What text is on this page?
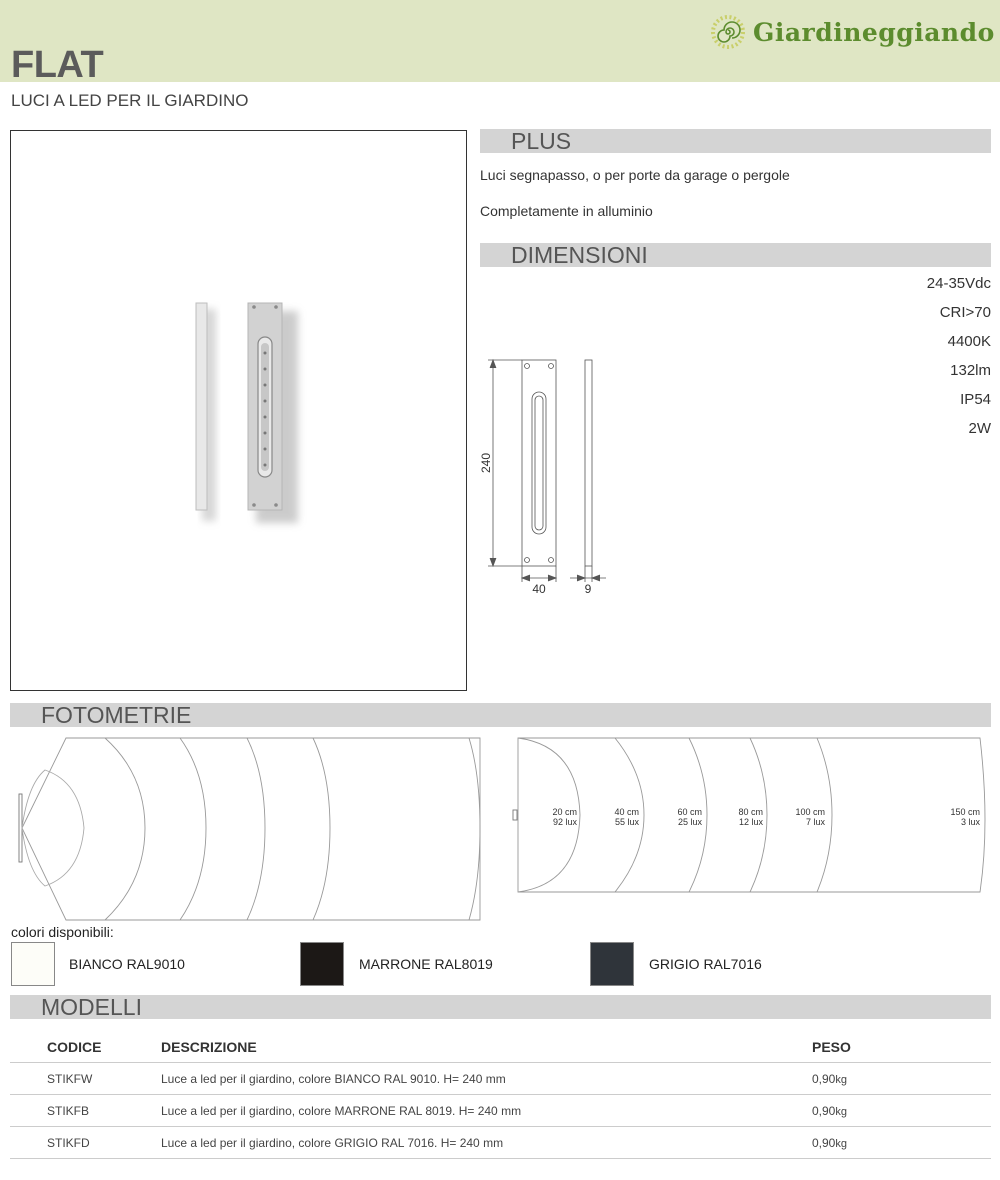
Giardineggiando
FLAT
LUCI A LED PER IL GIARDINO
PLUS
Luci segnapasso, o per porte da garage o pergole
Completamente in alluminio
DIMENSIONI
24-35Vdc
CRI>70
4400K
132lm
IP54
2W
240
40	9
FOTOMETRIE
20 cm
92 lux
40 cm
55 lux
60 cm
25 lux
80 cm
12 lux
100 cm
7 lux
150 cm
3 lux
colori disponibili:
BIANCO RAL9010	MARRONE RAL8019	GRIGIO RAL7016
MODELLI
CODICE	DESCRIZIONE	PESO
STIKFW	Luce a led per il giardino, colore BIANCO RAL 9010. H= 240 mm	0,90kg
STIKFB	Luce a led per il giardino, colore MARRONE RAL 8019. H= 240 mm	0,90kg
STIKFD	Luce a led per il giardino, colore GRIGIO RAL 7016. H= 240 mm	0,90kg
